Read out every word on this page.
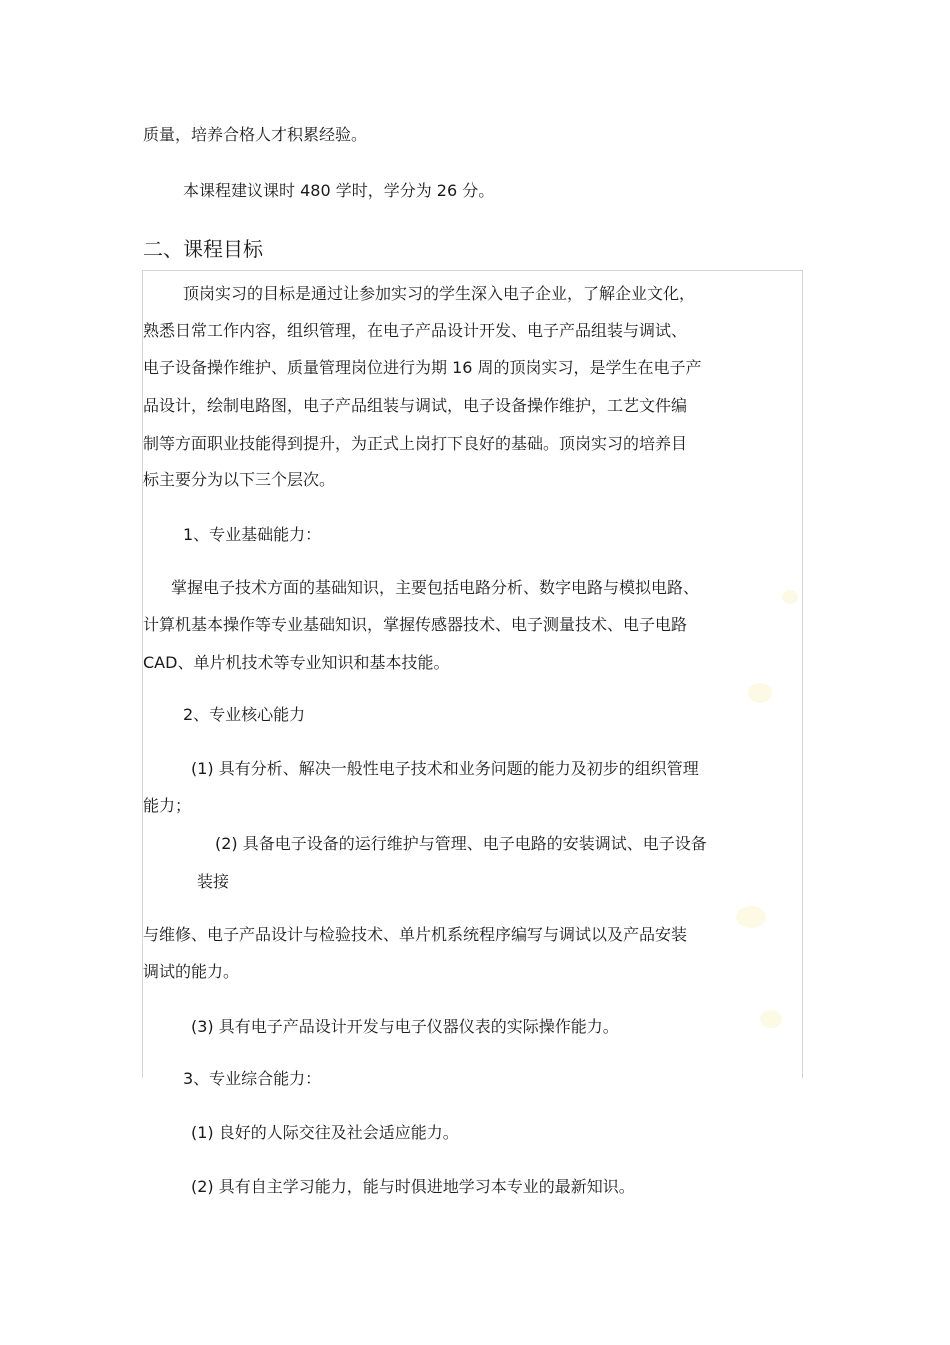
质量，培养合格人才积累经验。
本课程建议课时 480 学时，学分为 26 分。
二、课程目标
顶岗实习的目标是通过让参加实习的学生深入电子企业，了解企业文化，
熟悉日常工作内容，组织管理，在电子产品设计开发、电子产品组装与调试、
电子设备操作维护、质量管理岗位进行为期 16 周的顶岗实习，是学生在电子产
品设计，绘制电路图，电子产品组装与调试，电子设备操作维护，工艺文件编
制等方面职业技能得到提升，为正式上岗打下良好的基础。顶岗实习的培养目
标主要分为以下三个层次。
1、专业基础能力：
掌握电子技术方面的基础知识，主要包括电路分析、数字电路与模拟电路、
计算机基本操作等专业基础知识，掌握传感器技术、电子测量技术、电子电路
CAD、单片机技术等专业知识和基本技能。
2、专业核心能力
(1) 具有分析、解决一般性电子技术和业务问题的能力及初步的组织管理
能力；
(2) 具备电子设备的运行维护与管理、电子电路的安装调试、电子设备
装接
与维修、电子产品设计与检验技术、单片机系统程序编写与调试以及产品安装
调试的能力。
(3) 具有电子产品设计开发与电子仪器仪表的实际操作能力。
3、专业综合能力：
(1) 良好的人际交往及社会适应能力。
(2) 具有自主学习能力，能与时俱进地学习本专业的最新知识。
